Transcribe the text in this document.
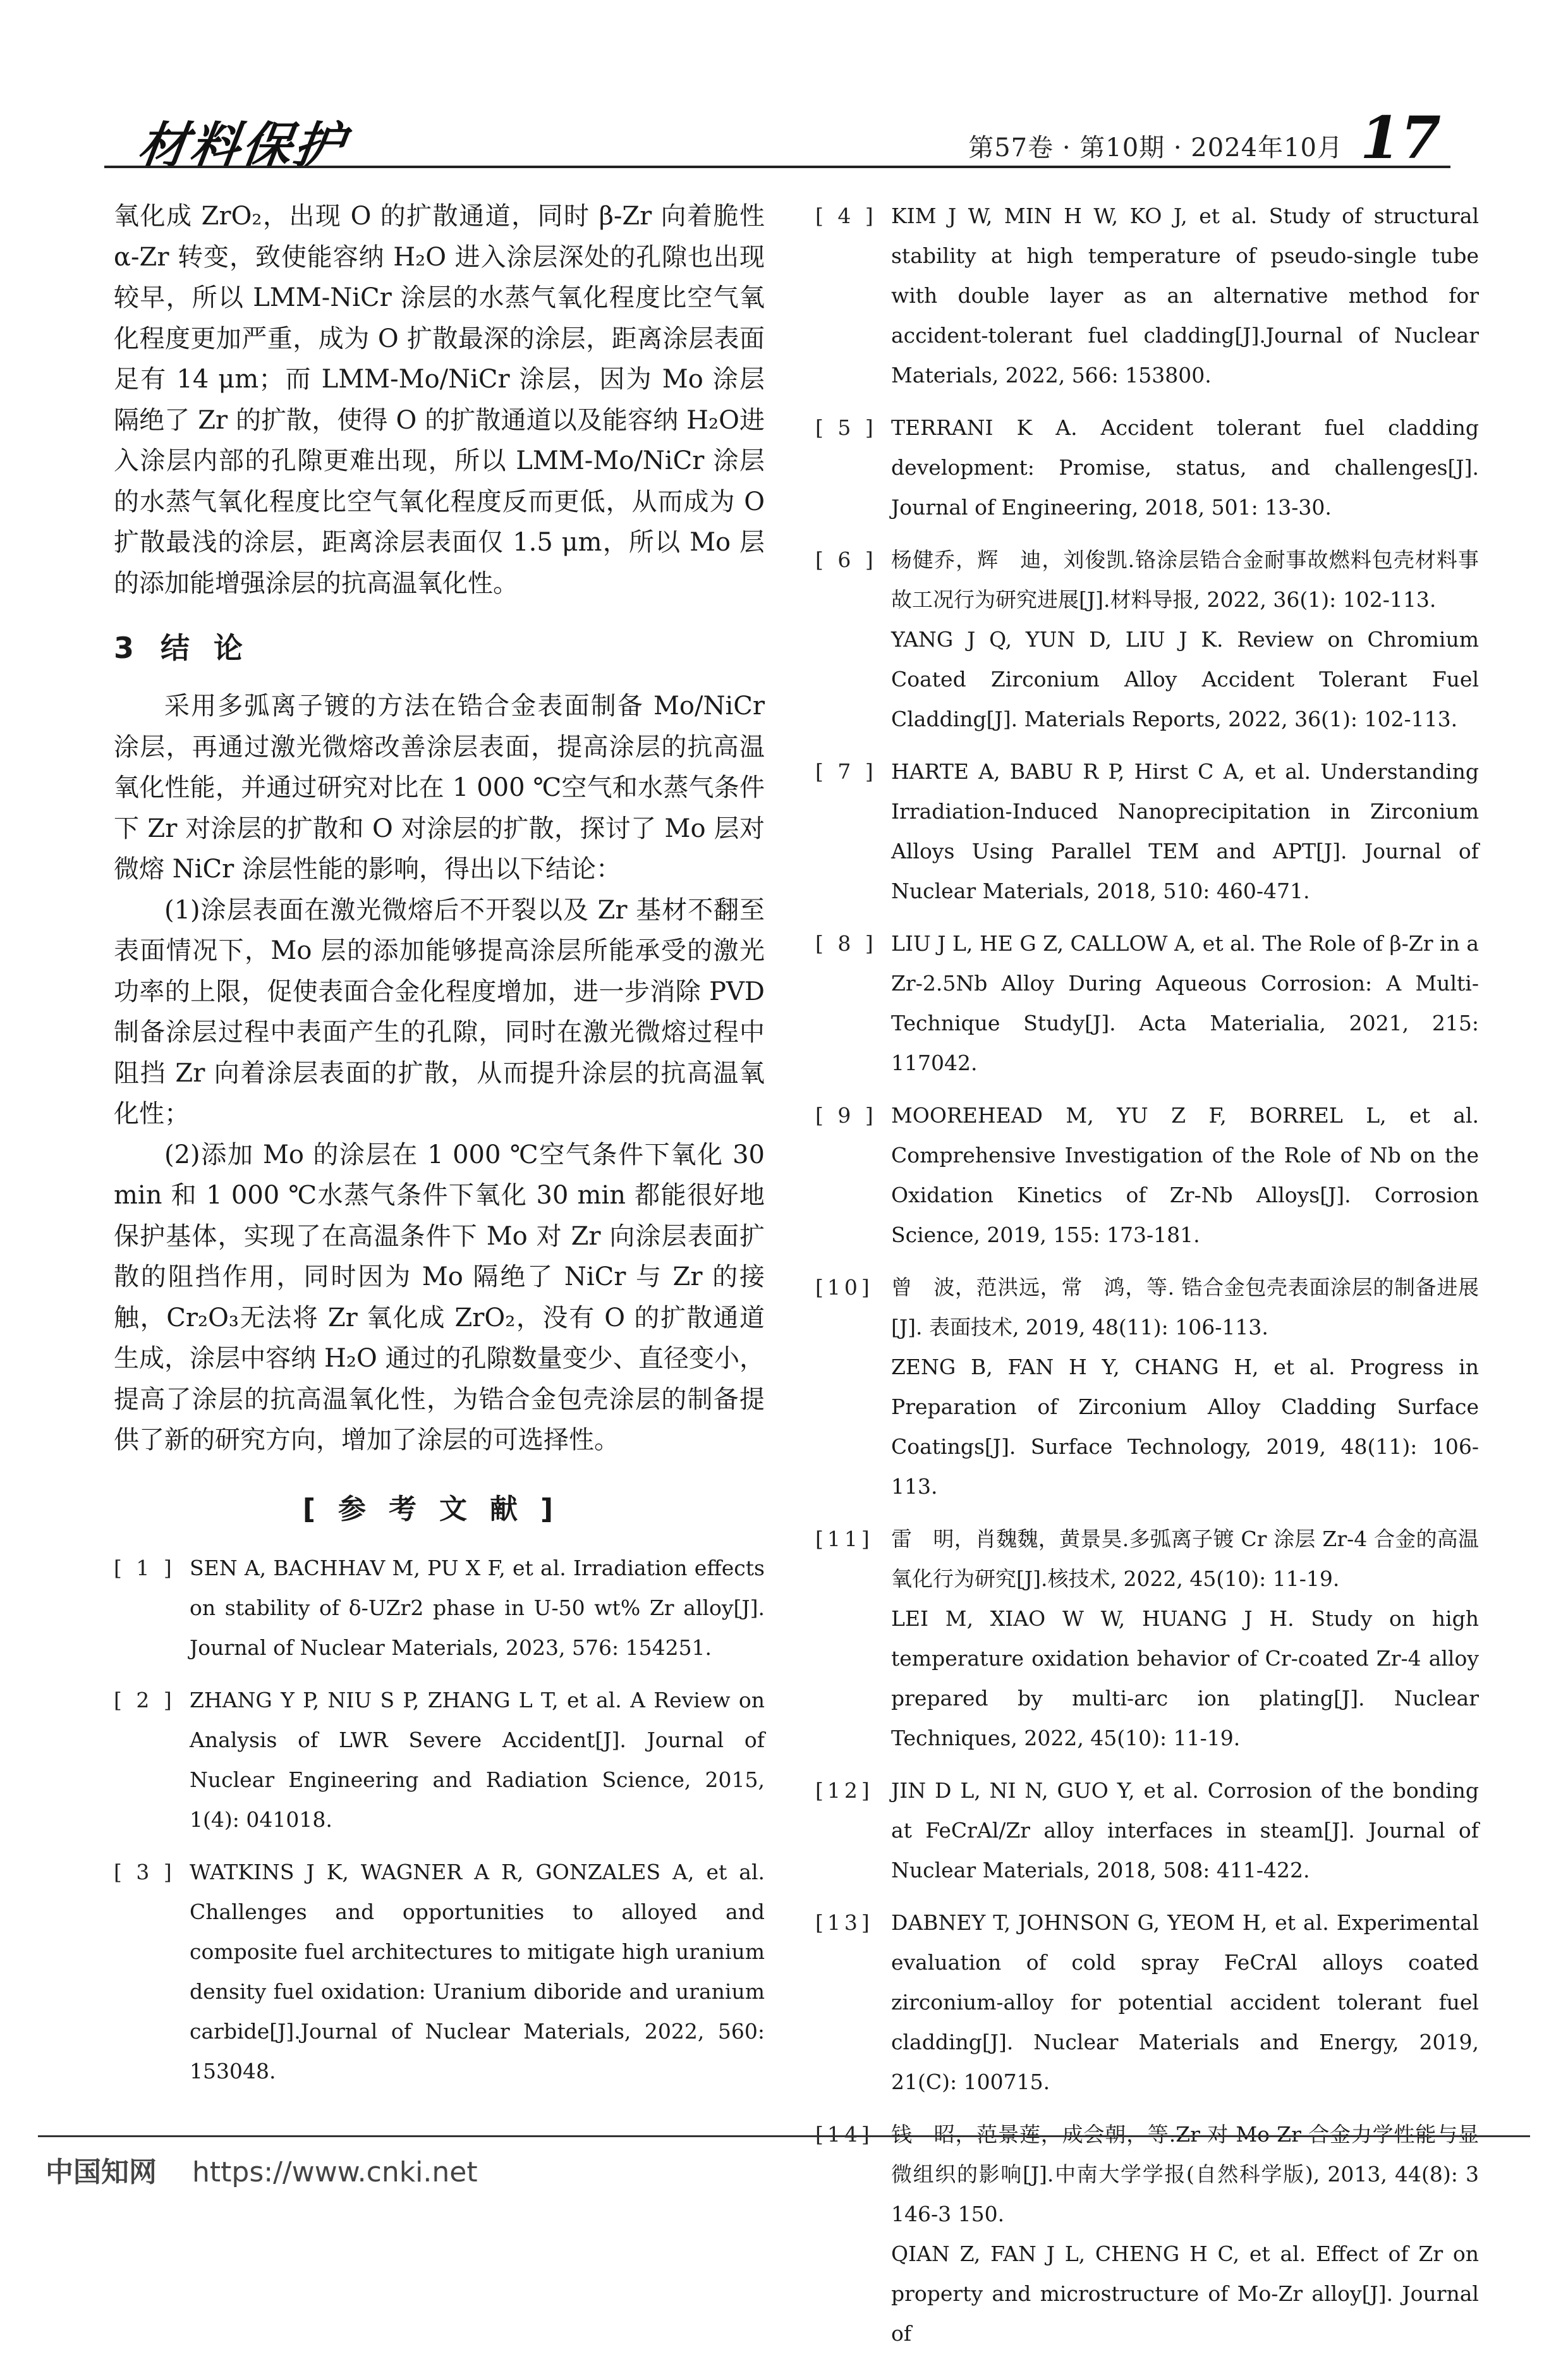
材料保护	第57卷 · 第10期 · 2024年10月 17

氧化成 ZrO₂，出现 O 的扩散通道，同时 β‐Zr 向着脆性 α‐Zr 转变，致使能容纳 H₂O 进入涂层深处的孔隙也出现较早，所以 LMM‐NiCr 涂层的水蒸气氧化程度比空气氧化程度更加严重，成为 O 扩散最深的涂层，距离涂层表面足有 14 μm；而 LMM‐Mo/NiCr 涂层，因为 Mo 涂层隔绝了 Zr 的扩散，使得 O 的扩散通道以及能容纳 H₂O进入涂层内部的孔隙更难出现，所以 LMM‐Mo/NiCr 涂层的水蒸气氧化程度比空气氧化程度反而更低，从而成为 O 扩散最浅的涂层，距离涂层表面仅 1.5 μm，所以 Mo 层的添加能增强涂层的抗高温氧化性。

3 结论

采用多弧离子镀的方法在锆合金表面制备 Mo/NiCr 涂层，再通过激光微熔改善涂层表面，提高涂层的抗高温氧化性能，并通过研究对比在 1 000 ℃空气和水蒸气条件下 Zr 对涂层的扩散和 O 对涂层的扩散，探讨了 Mo 层对微熔 NiCr 涂层性能的影响，得出以下结论：

(1)涂层表面在激光微熔后不开裂以及 Zr 基材不翻至表面情况下，Mo 层的添加能够提高涂层所能承受的激光功率的上限，促使表面合金化程度增加，进一步消除 PVD 制备涂层过程中表面产生的孔隙，同时在激光微熔过程中阻挡 Zr 向着涂层表面的扩散，从而提升涂层的抗高温氧化性；

(2)添加 Mo 的涂层在 1 000 ℃空气条件下氧化 30 min 和 1 000 ℃水蒸气条件下氧化 30 min 都能很好地保护基体，实现了在高温条件下 Mo 对 Zr 向涂层表面扩散的阻挡作用，同时因为 Mo 隔绝了 NiCr 与 Zr 的接触，Cr₂O₃无法将 Zr 氧化成 ZrO₂，没有 O 的扩散通道生成，涂层中容纳 H₂O 通过的孔隙数量变少、直径变小，提高了涂层的抗高温氧化性，为锆合金包壳涂层的制备提供了新的研究方向，增加了涂层的可选择性。

[参考文献]
[ 1 ] SEN A, BACHHAV M, PU X F, et al. Irradiation effects on stability of δ‐UZr2 phase in U‐50 wt% Zr alloy[J]. Journal of Nuclear Materials, 2023, 576: 154251.
[ 2 ] ZHANG Y P, NIU S P, ZHANG L T, et al. A Review on Analysis of LWR Severe Accident[J]. Journal of Nuclear Engineering and Radiation Science, 2015, 1(4): 041018.
[ 3 ] WATKINS J K, WAGNER A R, GONZALES A, et al. Challenges and opportunities to alloyed and composite fuel architectures to mitigate high uranium density fuel oxidation: Uranium diboride and uranium carbide[J].Journal of Nuclear Materials, 2022, 560: 153048.
[ 4 ] KIM J W, MIN H W, KO J, et al. Study of structural stability at high temperature of pseudo‐single tube with double layer as an alternative method for accident‐tolerant fuel cladding[J].Journal of Nuclear Materials, 2022, 566: 153800.
[ 5 ] TERRANI K A. Accident tolerant fuel cladding development: Promise, status, and challenges[J]. Journal of Engineering, 2018, 501: 13‐30.
[ 6 ] 杨健乔，辉　迪，刘俊凯.铬涂层锆合金耐事故燃料包壳材料事故工况行为研究进展[J].材料导报, 2022, 36(1): 102‐113.
YANG J Q, YUN D, LIU J K. Review on Chromium Coated Zirconium Alloy Accident Tolerant Fuel Cladding[J]. Materials Reports, 2022, 36(1): 102‐113.
[ 7 ] HARTE A, BABU R P, Hirst C A, et al. Understanding Irradiation‐Induced Nanoprecipitation in Zirconium Alloys Using Parallel TEM and APT[J]. Journal of Nuclear Materials, 2018, 510: 460‐471.
[ 8 ] LIU J L, HE G Z, CALLOW A, et al. The Role of β‐Zr in a Zr‐2.5Nb Alloy During Aqueous Corrosion: A Multi‐Technique Study[J]. Acta Materialia, 2021, 215: 117042.
[ 9 ] MOOREHEAD M, YU Z F, BORREL L, et al. Comprehensive Investigation of the Role of Nb on the Oxidation Kinetics of Zr‐Nb Alloys[J]. Corrosion Science, 2019, 155: 173‐181.
[10] 曾　波，范洪远，常　鸿，等. 锆合金包壳表面涂层的制备进展[J]. 表面技术, 2019, 48(11): 106‐113.
ZENG B, FAN H Y, CHANG H, et al. Progress in Preparation of Zirconium Alloy Cladding Surface Coatings[J]. Surface Technology, 2019, 48(11): 106‐113.
[11] 雷　明，肖魏魏，黄景昊.多弧离子镀 Cr 涂层 Zr‐4 合金的高温氧化行为研究[J].核技术, 2022, 45(10): 11‐19.
LEI M, XIAO W W, HUANG J H. Study on high temperature oxidation behavior of Cr‐coated Zr‐4 alloy prepared by multi‐arc ion plating[J]. Nuclear Techniques, 2022, 45(10): 11‐19.
[12] JIN D L, NI N, GUO Y, et al. Corrosion of the bonding at FeCrAl/Zr alloy interfaces in steam[J]. Journal of Nuclear Materials, 2018, 508: 411‐422.
[13] DABNEY T, JOHNSON G, YEOM H, et al. Experimental evaluation of cold spray FeCrAl alloys coated zirconium‐alloy for potential accident tolerant fuel cladding[J]. Nuclear Materials and Energy, 2019, 21(C): 100715.
[14] 钱　昭，范景莲，成会朝，等.Zr 对 Mo‐Zr 合金力学性能与显微组织的影响[J].中南大学学报(自然科学版), 2013, 44(8): 3 146‐3 150.
QIAN Z, FAN J L, CHENG H C, et al. Effect of Zr on property and microstructure of Mo‐Zr alloy[J]. Journal of
中国知网 https://www.cnki.net
